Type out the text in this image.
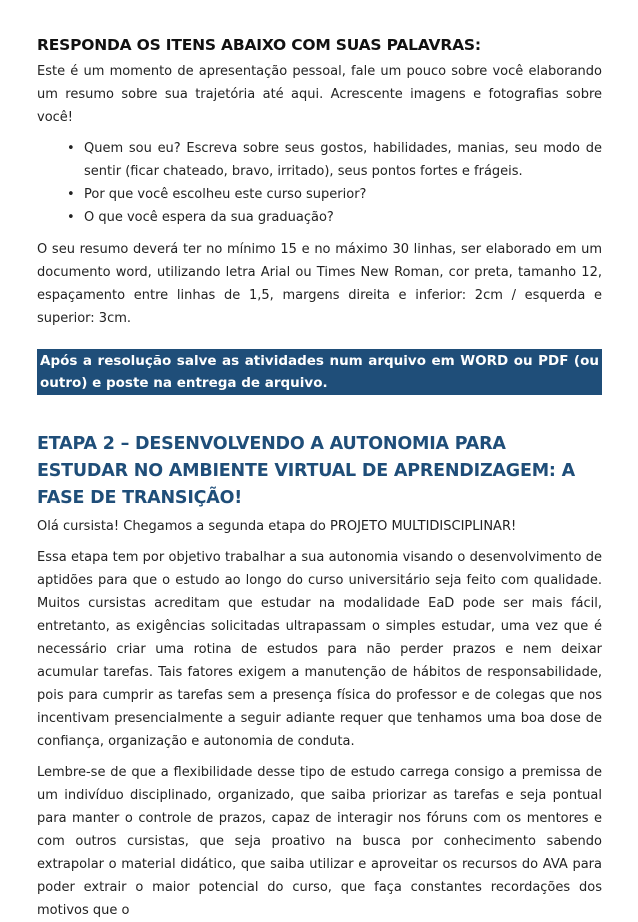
RESPONDA OS ITENS ABAIXO COM SUAS PALAVRAS:

Este é um momento de apresentação pessoal, fale um pouco sobre você elaborando um resumo sobre sua trajetória até aqui. Acrescente imagens e fotografias sobre você!

• Quem sou eu? Escreva sobre seus gostos, habilidades, manias, seu modo de sentir (ficar chateado, bravo, irritado), seus pontos fortes e frágeis.
• Por que você escolheu este curso superior?
• O que você espera da sua graduação?

O seu resumo deverá ter no mínimo 15 e no máximo 30 linhas, ser elaborado em um documento word, utilizando letra Arial ou Times New Roman, cor preta, tamanho 12, espaçamento entre linhas de 1,5, margens direita e inferior: 2cm / esquerda e superior: 3cm.

Após a resolução salve as atividades num arquivo em WORD ou PDF (ou outro) e poste na entrega de arquivo.
ETAPA 2 – DESENVOLVENDO A AUTONOMIA PARA ESTUDAR NO AMBIENTE VIRTUAL DE APRENDIZAGEM: A FASE DE TRANSIÇÃO!

Olá cursista! Chegamos a segunda etapa do PROJETO MULTIDISCIPLINAR!

Essa etapa tem por objetivo trabalhar a sua autonomia visando o desenvolvimento de aptidões para que o estudo ao longo do curso universitário seja feito com qualidade. Muitos cursistas acreditam que estudar na modalidade EaD pode ser mais fácil, entretanto, as exigências solicitadas ultrapassam o simples estudar, uma vez que é necessário criar uma rotina de estudos para não perder prazos e nem deixar acumular tarefas. Tais fatores exigem a manutenção de hábitos de responsabilidade, pois para cumprir as tarefas sem a presença física do professor e de colegas que nos incentivam presencialmente a seguir adiante requer que tenhamos uma boa dose de confiança, organização e autonomia de conduta.

Lembre-se de que a flexibilidade desse tipo de estudo carrega consigo a premissa de um indivíduo disciplinado, organizado, que saiba priorizar as tarefas e seja pontual para manter o controle de prazos, capaz de interagir nos fóruns com os mentores e com outros cursistas, que seja proativo na busca por conhecimento sabendo extrapolar o material didático, que saiba utilizar e aproveitar os recursos do AVA para poder extrair o maior potencial do curso, que faça constantes recordações dos motivos que o
